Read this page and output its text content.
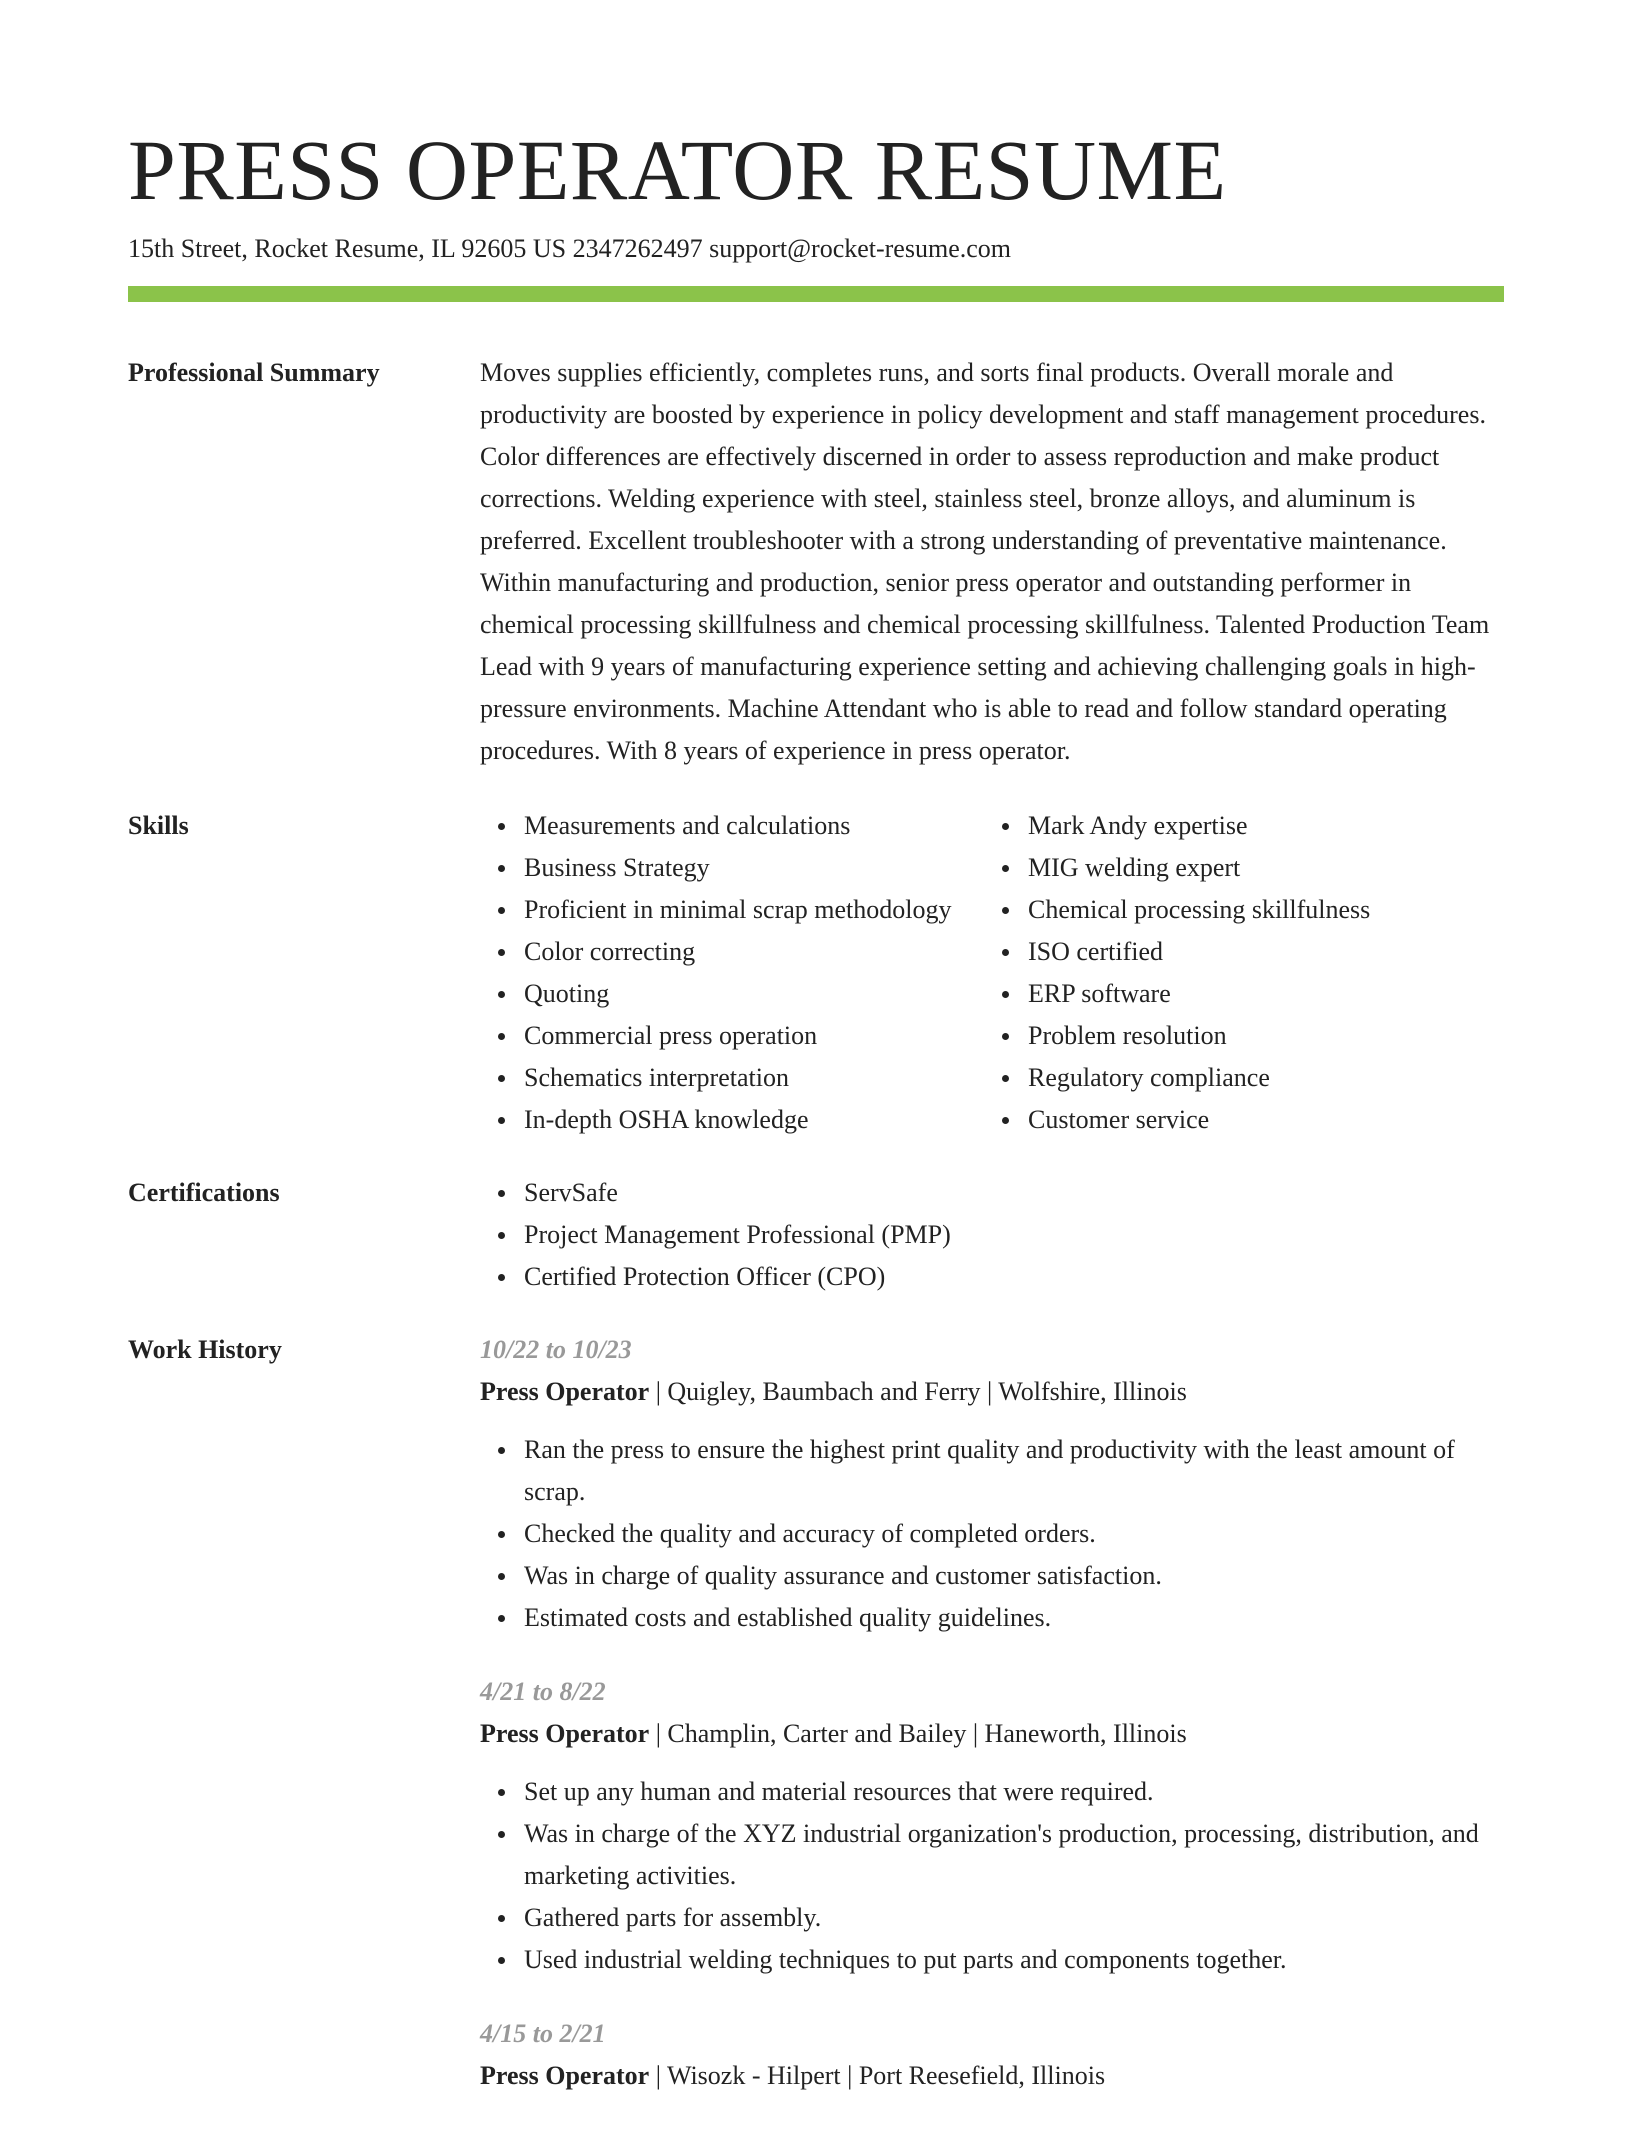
PRESS OPERATOR RESUME
15th Street, Rocket Resume, IL 92605 US 2347262497 support@rocket-resume.com
Professional Summary	Moves supplies efficiently, completes runs, and sorts final products. Overall morale and productivity are boosted by experience in policy development and staff management procedures. Color differences are effectively discerned in order to assess reproduction and make product corrections. Welding experience with steel, stainless steel, bronze alloys, and aluminum is preferred. Excellent troubleshooter with a strong understanding of preventative maintenance. Within manufacturing and production, senior press operator and outstanding performer in chemical processing skillfulness and chemical processing skillfulness. Talented Production Team Lead with 9 years of manufacturing experience setting and achieving challenging goals in high-pressure environments. Machine Attendant who is able to read and follow standard operating procedures. With 8 years of experience in press operator.
Skills	Measurements and calculations
Business Strategy
Proficient in minimal scrap methodology
Color correcting
Quoting
Commercial press operation
Schematics interpretation
In-depth OSHA knowledge
Mark Andy expertise
MIG welding expert
Chemical processing skillfulness
ISO certified
ERP software
Problem resolution
Regulatory compliance
Customer service
Certifications	ServSafe
Project Management Professional (PMP)
Certified Protection Officer (CPO)
Work History	10/22 to 10/23
Press Operator | Quigley, Baumbach and Ferry | Wolfshire, Illinois
Ran the press to ensure the highest print quality and productivity with the least amount of scrap.
Checked the quality and accuracy of completed orders.
Was in charge of quality assurance and customer satisfaction.
Estimated costs and established quality guidelines.
4/21 to 8/22
Press Operator | Champlin, Carter and Bailey | Haneworth, Illinois
Set up any human and material resources that were required.
Was in charge of the XYZ industrial organization's production, processing, distribution, and marketing activities.
Gathered parts for assembly.
Used industrial welding techniques to put parts and components together.
4/15 to 2/21
Press Operator | Wisozk - Hilpert | Port Reesefield, Illinois
